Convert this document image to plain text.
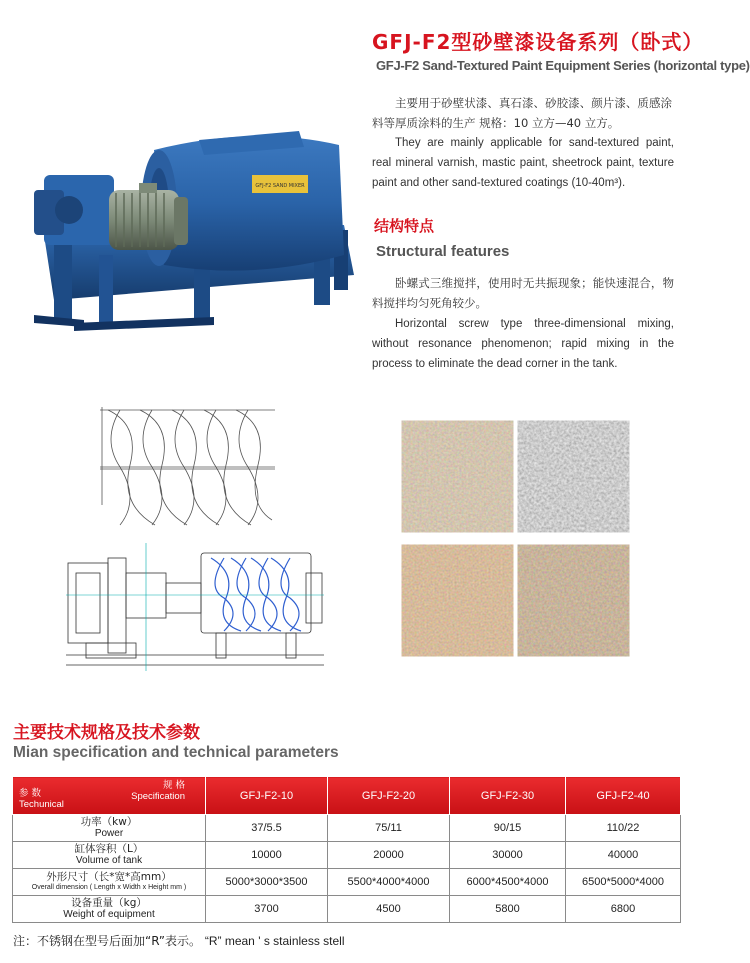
GFJ-F2型砂壁漆设备系列（卧式）
GFJ-F2 Sand-Textured Paint Equipment Series (horizontal type)
主要用于砂壁状漆、真石漆、砂胶漆、颜片漆、质感涂料等厚质涂料的生产 规格：10 立方—40 立方。
They are mainly applicable for sand-textured paint, real mineral varnish, mastic paint, sheetrock paint, texture paint and other sand-textured coatings (10-40m³).
结构特点
Structural features
卧螺式三维搅拌，使用时无共振现象；能快速混合，物料搅拌均匀死角较少。
Horizontal screw type three-dimensional mixing, without resonance phenomenon; rapid mixing in the process to eliminate the dead corner in the tank.
GFJ-F2 SAND MIXER
主要技术规格及技术参数
Mian specification and technical parameters
规 格
Specification
参 数
Techunical	GFJ-F2-10	GFJ-F2-20	GFJ-F2-30	GFJ-F2-40

功率（kw）
Power	37/5.5	75/11	90/15	110/22

缸体容积（L）
Volume of tank	10000	20000	30000	40000

外形尺寸（长*宽*高mm）
Overall dimension ( Length x Width x Height mm )	5000*3000*3500	5500*4000*4000	6000*4500*4000	6500*5000*4000

设备重量（kg）
Weight of equipment	3700	4500	5800	6800
注：不锈钢在型号后面加“R”表示。 “R” mean ' s stainless stell
